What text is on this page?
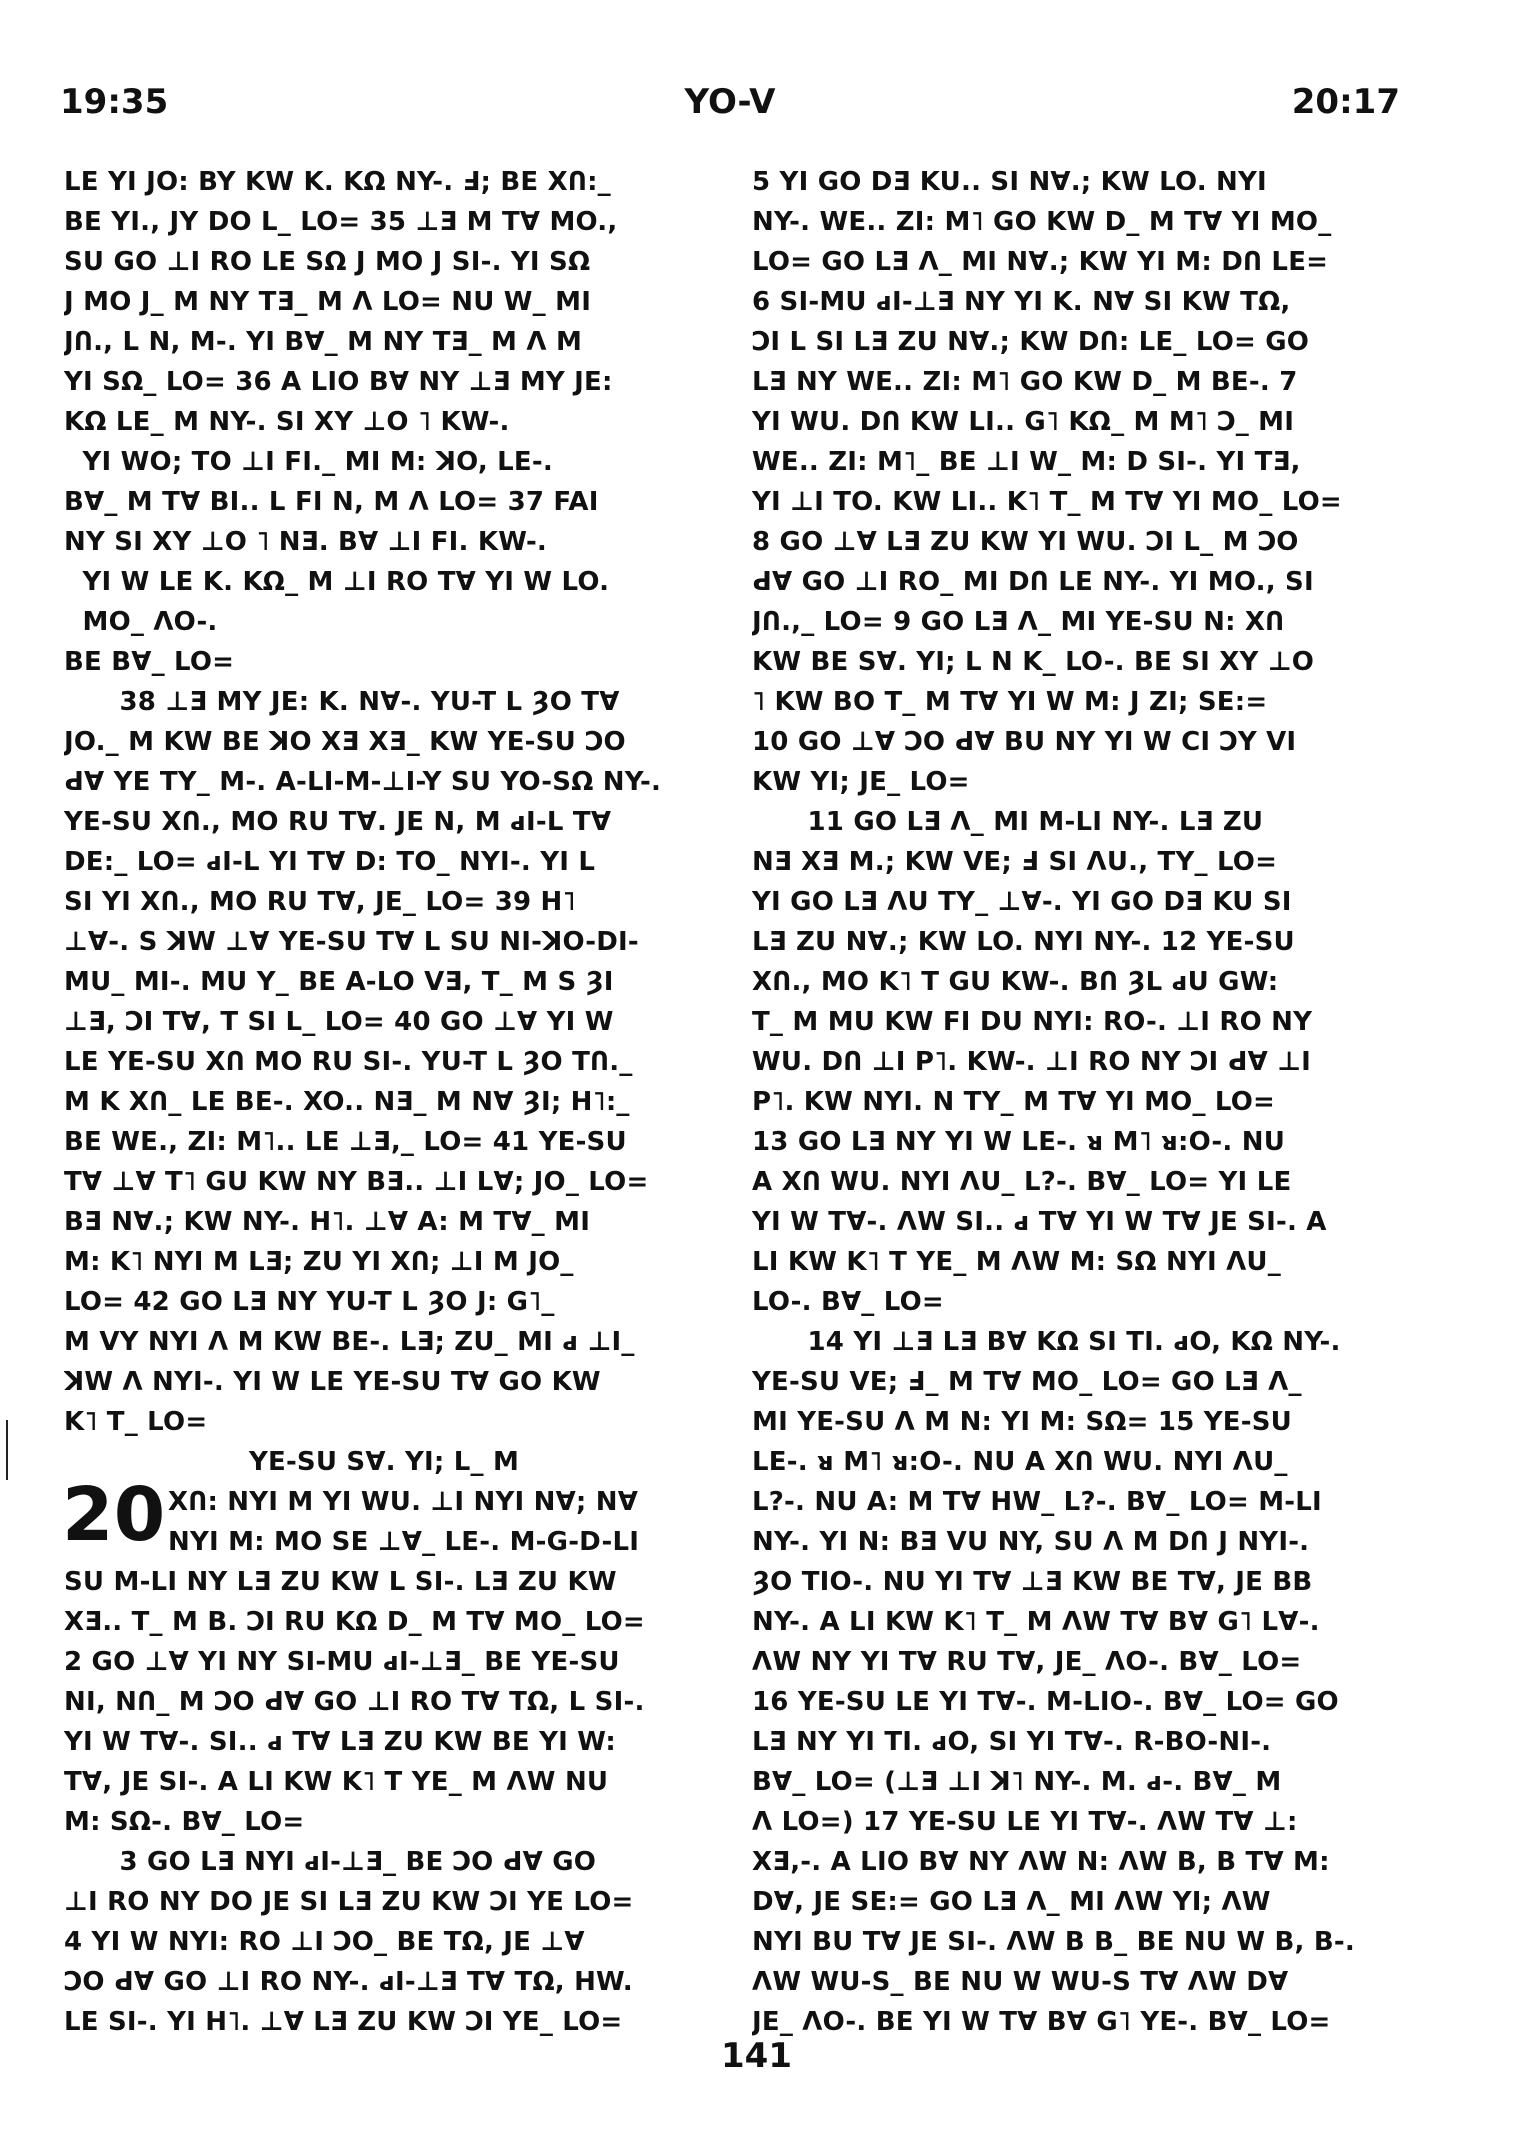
19:35	YO-V	20:17
LE YI JO: BY KW K. KΩ NY-. Ⅎ; BE XՈ:_
BE YI., JY DO L_ LO= 35 ⊥Ǝ M TⱯ MO.,
SU GO ⊥I RO LE SΩ J MO J SI-. YI SΩ
J MO J_ M NY TƎ_ M Λ LO= NU W_ MI
JՈ., L N, M-. YI BⱯ_ M NY TƎ_ M Λ M
YI SΩ_ LO= 36 A LIO BⱯ NY ⊥Ǝ MY JE:
KΩ LE_ M NY-. SI XY ⊥O ˥ KW-.
YI WO; TO ⊥I FI._ MI M: ꓘO, LE-.
BⱯ_ M TⱯ BI.. L FI N, M Λ LO= 37 FAI
NY SI XY ⊥O ˥ NƎ. BⱯ ⊥I FI. KW-.
YI W LE K. KΩ_ M ⊥I RO TⱯ YI W LO.
MO_ ΛO-.
BE BⱯ_ LO=
38 ⊥Ǝ MY JE: K. NⱯ-. YU-T L ȜO TⱯ
JO._ M KW BE ꓘO XƎ XƎ_ KW YE-SU ϽO
ԀⱯ YE TY_ M-. A-LI-M-⊥I-Y SU YO-SΩ NY-.
YE-SU XՈ., MO RU TⱯ. JE N, M ԁI-L TⱯ
DE:_ LO= ԁI-L YI TⱯ D: TO_ NYI-. YI L
SI YI XՈ., MO RU TⱯ, JE_ LO= 39 H˥
⊥Ɐ-. S ꓘW ⊥Ɐ YE-SU TⱯ L SU NI-ꓘO-DI-
MU_ MI-. MU Y_ BE A-LO VƎ, T_ M S ȜI
⊥Ǝ, ϽI TⱯ, T SI L_ LO= 40 GO ⊥Ɐ YI W
LE YE-SU XՈ MO RU SI-. YU-T L ȜO TՈ._
M K XՈ_ LE BE-. XO.. NƎ_ M NⱯ ȜI; H˥:_
BE WE., ZI: M˥.. LE ⊥Ǝ,_ LO= 41 YE-SU
TⱯ ⊥Ɐ T˥ GU KW NY BƎ.. ⊥I LⱯ; JO_ LO=
BƎ NⱯ.; KW NY-. H˥. ⊥Ɐ A: M TⱯ_ MI
M: K˥ NYI M LƎ; ZU YI XՈ; ⊥I M JO_
LO= 42 GO LƎ NY YU-T L ȜO J: G˥_
M VY NYI Λ M KW BE-. LƎ; ZU_ MI ԁ ⊥I_
ꓘW Λ NYI-. YI W LE YE-SU TⱯ GO KW
K˥ T_ LO=
YE-SU SⱯ. YI; L_ M
20 XՈ: NYI M YI WU. ⊥I NYI NⱯ; NⱯ
NYI M: MO SE ⊥Ɐ_ LE-. M-G-D-LI
SU M-LI NY LƎ ZU KW L SI-. LƎ ZU KW
XƎ.. T_ M B. ϽI RU KΩ D_ M TⱯ MO_ LO=
2 GO ⊥Ɐ YI NY SI-MU ԁI-⊥Ǝ_ BE YE-SU
NI, NՈ_ M ϽO ԀⱯ GO ⊥I RO TⱯ TΩ, L SI-.
YI W TⱯ-. SI.. ԁ TⱯ LƎ ZU KW BE YI W:
TⱯ, JE SI-. A LI KW K˥ T YE_ M ΛW NU
M: SΩ-. BⱯ_ LO=
3 GO LƎ NYI ԁI-⊥Ǝ_ BE ϽO ԀⱯ GO
⊥I RO NY DO JE SI LƎ ZU KW ϽI YE LO=
4 YI W NYI: RO ⊥I ϽO_ BE TΩ, JE ⊥Ɐ
ϽO ԀⱯ GO ⊥I RO NY-. ԁI-⊥Ǝ TⱯ TΩ, HW.
LE SI-. YI H˥. ⊥Ɐ LƎ ZU KW ϽI YE_ LO=
5 YI GO DƎ KU.. SI NⱯ.; KW LO. NYI
NY-. WE.. ZI: M˥ GO KW D_ M TⱯ YI MO_
LO= GO LƎ Λ_ MI NⱯ.; KW YI M: DՈ LE=
6 SI-MU ԁI-⊥Ǝ NY YI K. NⱯ SI KW TΩ,
ϽI L SI LƎ ZU NⱯ.; KW DՈ: LE_ LO= GO
LƎ NY WE.. ZI: M˥ GO KW D_ M BE-. 7
YI WU. DՈ KW LI.. G˥ KΩ_ M M˥ Ͻ_ MI
WE.. ZI: M˥_ BE ⊥I W_ M: D SI-. YI TƎ,
YI ⊥I TO. KW LI.. K˥ T_ M TⱯ YI MO_ LO=
8 GO ⊥Ɐ LƎ ZU KW YI WU. ϽI L_ M ϽO
ԀⱯ GO ⊥I RO_ MI DՈ LE NY-. YI MO., SI
JՈ.,_ LO= 9 GO LƎ Λ_ MI YE-SU N: XՈ
KW BE SⱯ. YI; L N K_ LO-. BE SI XY ⊥O
˥ KW BO T_ M TⱯ YI W M: J ZI; SE:=
10 GO ⊥Ɐ ϽO ԀⱯ BU NY YI W CI ϽY VI
KW YI; JE_ LO=
11 GO LƎ Λ_ MI M-LI NY-. LƎ ZU
NƎ XƎ M.; KW VE; Ⅎ SI ΛU., TY_ LO=
YI GO LƎ ΛU TY_ ⊥Ɐ-. YI GO DƎ KU SI
LƎ ZU NⱯ.; KW LO. NYI NY-. 12 YE-SU
XՈ., MO K˥ T GU KW-. BՈ ȜL ԁU GW:
T_ M MU KW FI DU NYI: RO-. ⊥I RO NY
WU. DՈ ⊥I P˥. KW-. ⊥I RO NY ϽI ԀⱯ ⊥I
P˥. KW NYI. N TY_ M TⱯ YI MO_ LO=
13 GO LƎ NY YI W LE-. ᴚ M˥ ᴚ:O-. NU
A XՈ WU. NYI ΛU_ L?-. BⱯ_ LO= YI LE
YI W TⱯ-. ΛW SI.. ԁ TⱯ YI W TⱯ JE SI-. A
LI KW K˥ T YE_ M ΛW M: SΩ NYI ΛU_
LO-. BⱯ_ LO=
14 YI ⊥Ǝ LƎ BⱯ KΩ SI TI. ԁO, KΩ NY-.
YE-SU VE; Ⅎ_ M TⱯ MO_ LO= GO LƎ Λ_
MI YE-SU Λ M N: YI M: SΩ= 15 YE-SU
LE-. ᴚ M˥ ᴚ:O-. NU A XՈ WU. NYI ΛU_
L?-. NU A: M TⱯ HW_ L?-. BⱯ_ LO= M-LI
NY-. YI N: BƎ VU NY, SU Λ M DՈ J NYI-.
ȜO TIO-. NU YI TⱯ ⊥Ǝ KW BE TⱯ, JE BB
NY-. A LI KW K˥ T_ M ΛW TⱯ BⱯ G˥ LⱯ-.
ΛW NY YI TⱯ RU TⱯ, JE_ ΛO-. BⱯ_ LO=
16 YE-SU LE YI TⱯ-. M-LIO-. BⱯ_ LO= GO
LƎ NY YI TI. ԁO, SI YI TⱯ-. R-BO-NI-.
BⱯ_ LO= (⊥Ǝ ⊥I ꓘ˥ NY-. M. ԁ-. BⱯ_ M
Λ LO=) 17 YE-SU LE YI TⱯ-. ΛW TⱯ ⊥:
XƎ,-. A LIO BⱯ NY ΛW N: ΛW B, B TⱯ M:
DⱯ, JE SE:= GO LƎ Λ_ MI ΛW YI; ΛW
NYI BU TⱯ JE SI-. ΛW B B_ BE NU W B, B-.
ΛW WU-S_ BE NU W WU-S TⱯ ΛW DⱯ
JE_ ΛO-. BE YI W TⱯ BⱯ G˥ YE-. BⱯ_ LO=
141
